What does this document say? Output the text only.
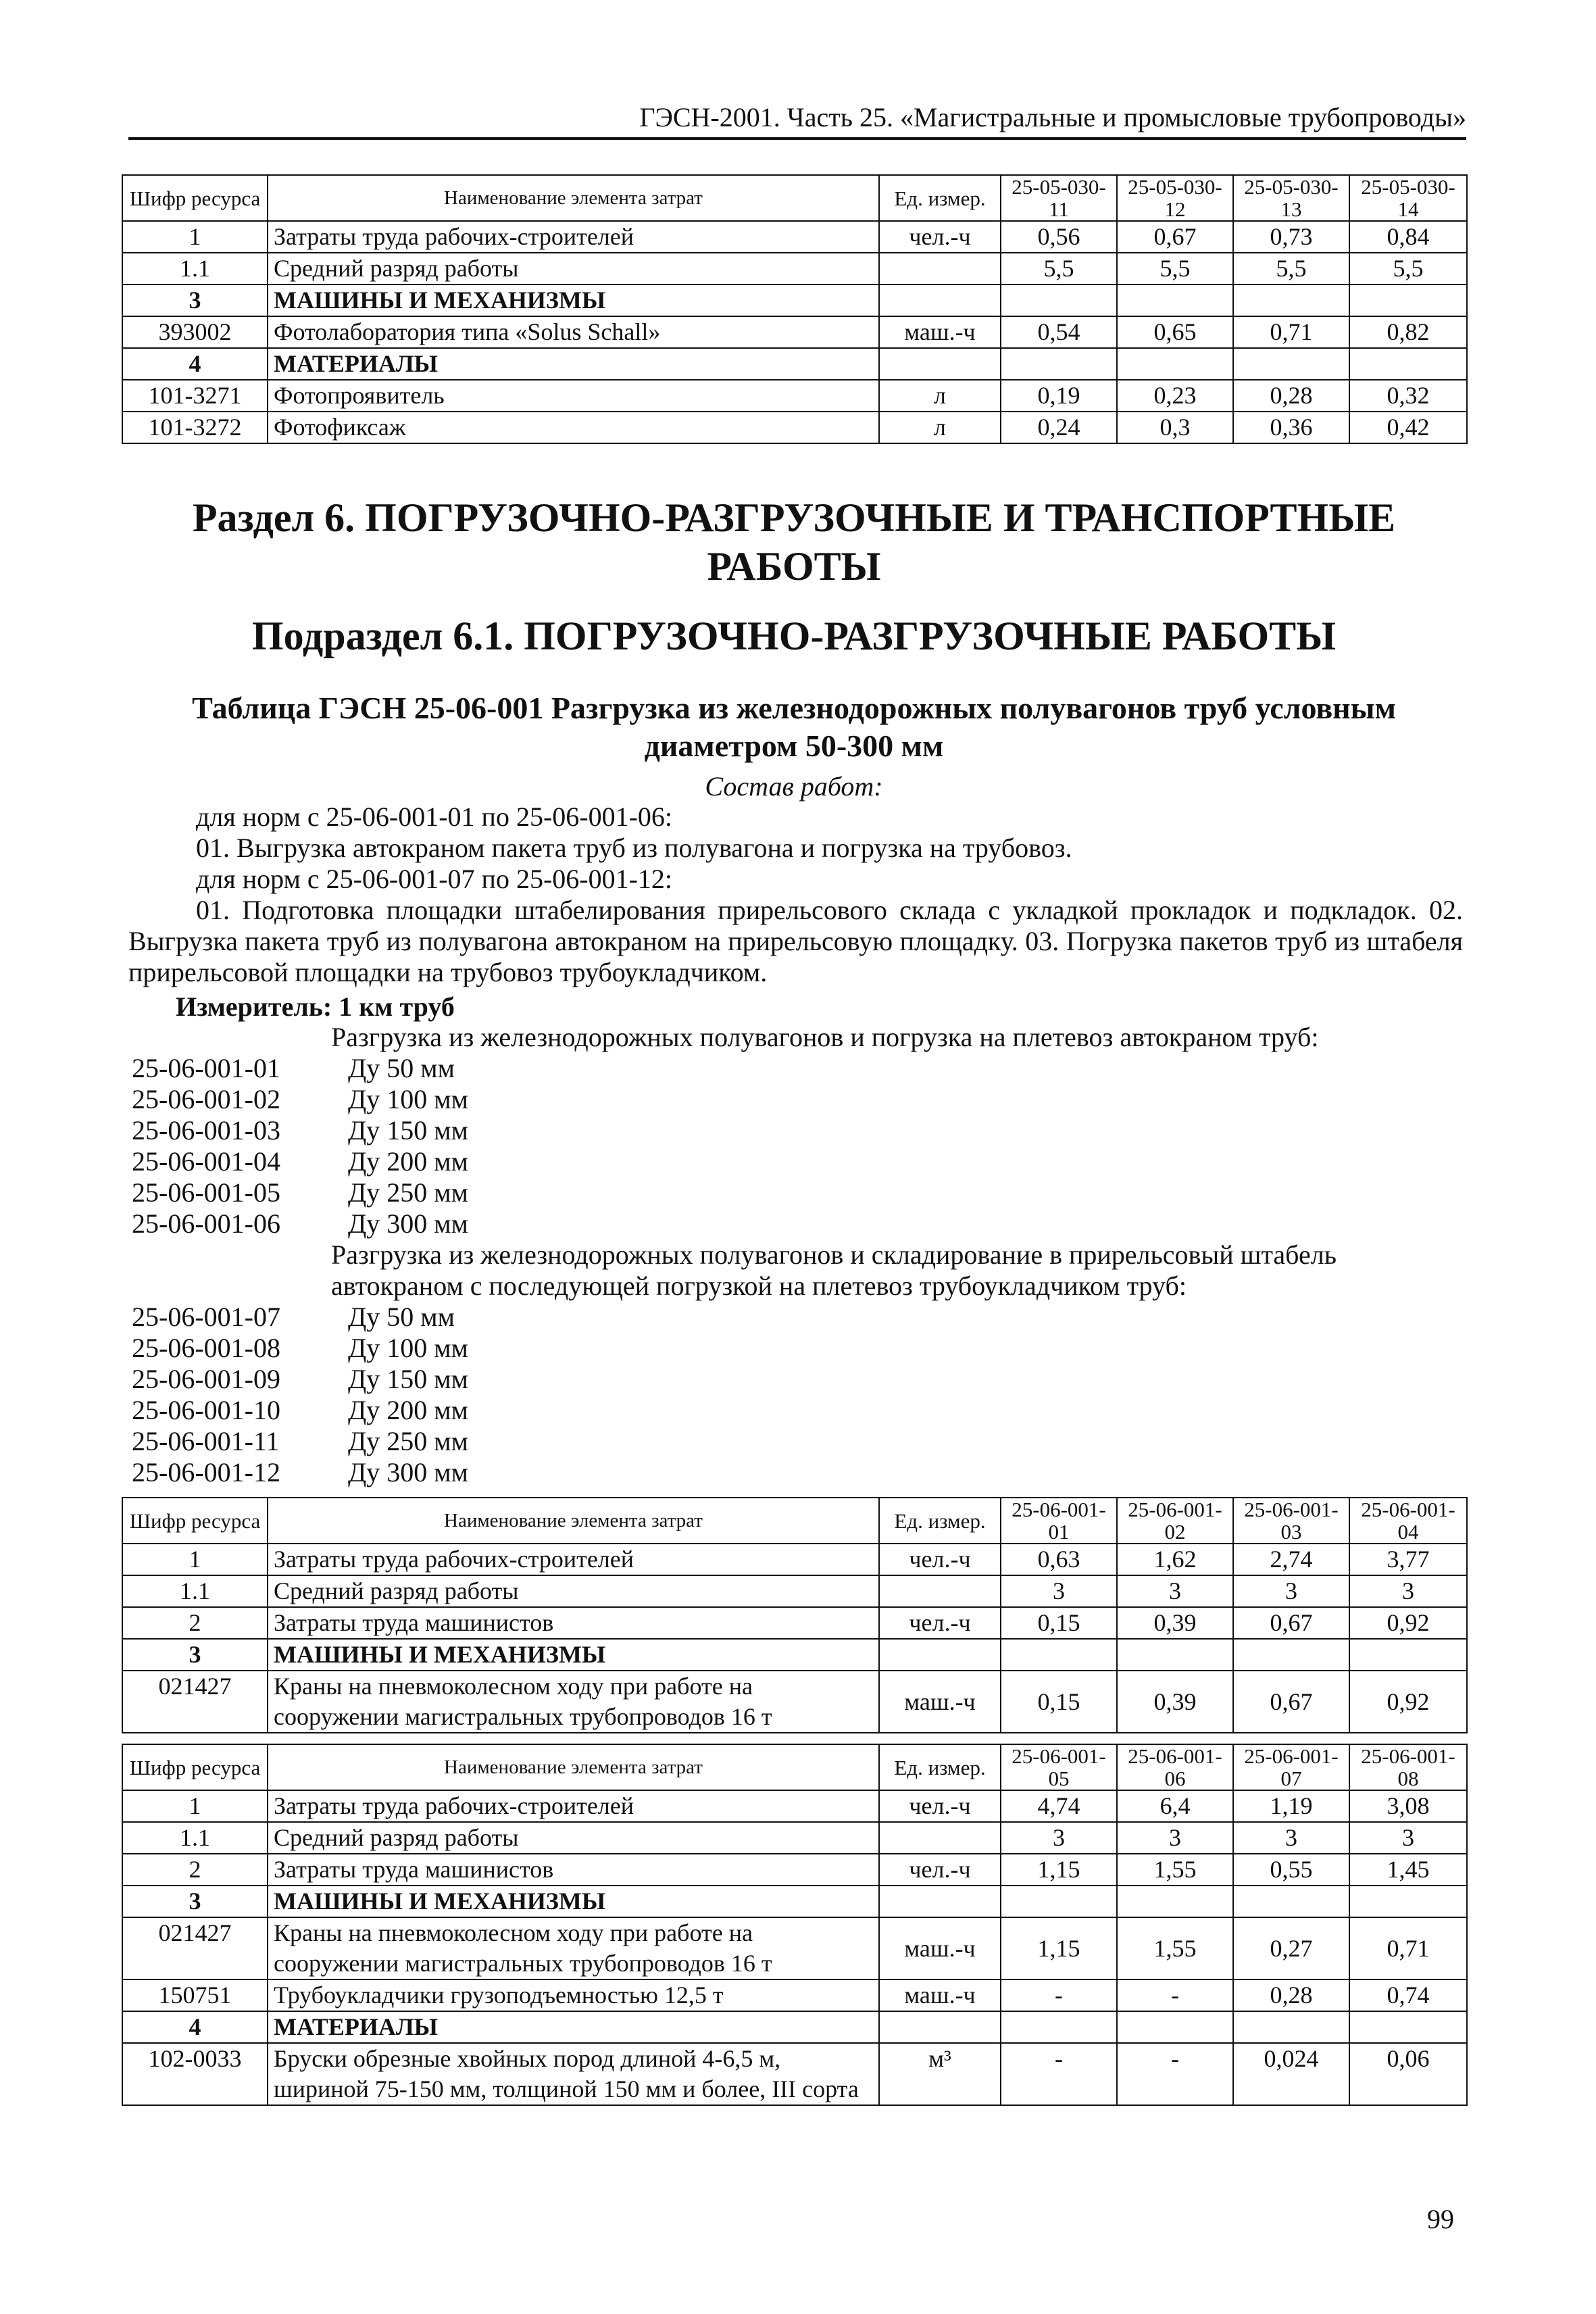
ГЭСН-2001. Часть 25. «Магистральные и промысловые трубопроводы»
Шифр ресурса	Наименование элемента затрат	Ед. измер.	25-05-030-11	25-05-030-12	25-05-030-13	25-05-030-14
1	Затраты труда рабочих-строителей	чел.-ч	0,56	0,67	0,73	0,84
1.1	Средний разряд работы		5,5	5,5	5,5	5,5
3	МАШИНЫ И МЕХАНИЗМЫ					
393002	Фотолаборатория типа «Solus Schall»	маш.-ч	0,54	0,65	0,71	0,82
4	МАТЕРИАЛЫ					
101-3271	Фотопроявитель	л	0,19	0,23	0,28	0,32
101-3272	Фотофиксаж	л	0,24	0,3	0,36	0,42
Раздел 6. ПОГРУЗОЧНО-РАЗГРУЗОЧНЫЕ И ТРАНСПОРТНЫЕ
РАБОТЫ
Подраздел 6.1. ПОГРУЗОЧНО-РАЗГРУЗОЧНЫЕ РАБОТЫ
Таблица ГЭСН 25-06-001 Разгрузка из железнодорожных полувагонов труб условным
диаметром 50-300 мм
Состав работ:
для норм с 25-06-001-01 по 25-06-001-06:
01. Выгрузка автокраном пакета труб из полувагона и погрузка на трубовоз.
для норм с 25-06-001-07 по 25-06-001-12:
01. Подготовка площадки штабелирования прирельсового склада с укладкой прокладок и подкладок. 02. Выгрузка пакета труб из полувагона автокраном на прирельсовую площадку. 03. Погрузка пакетов труб из штабеля прирельсовой площадки на трубовоз трубоукладчиком.
Измеритель: 1 км труб
Разгрузка из железнодорожных полувагонов и погрузка на плетевоз автокраном труб:
25-06-001-01	Ду 50 мм
25-06-001-02	Ду 100 мм
25-06-001-03	Ду 150 мм
25-06-001-04	Ду 200 мм
25-06-001-05	Ду 250 мм
25-06-001-06	Ду 300 мм
Разгрузка из железнодорожных полувагонов и складирование в прирельсовый штабель
автокраном с последующей погрузкой на плетевоз трубоукладчиком труб:
25-06-001-07	Ду 50 мм
25-06-001-08	Ду 100 мм
25-06-001-09	Ду 150 мм
25-06-001-10	Ду 200 мм
25-06-001-11	Ду 250 мм
25-06-001-12	Ду 300 мм
Шифр ресурса	Наименование элемента затрат	Ед. измер.	25-06-001-01	25-06-001-02	25-06-001-03	25-06-001-04
1	Затраты труда рабочих-строителей	чел.-ч	0,63	1,62	2,74	3,77
1.1	Средний разряд работы		3	3	3	3
2	Затраты труда машинистов	чел.-ч	0,15	0,39	0,67	0,92
3	МАШИНЫ И МЕХАНИЗМЫ					
021427	Краны на пневмоколесном ходу при работе на сооружении магистральных трубопроводов 16 т	маш.-ч	0,15	0,39	0,67	0,92
Шифр ресурса	Наименование элемента затрат	Ед. измер.	25-06-001-05	25-06-001-06	25-06-001-07	25-06-001-08
1	Затраты труда рабочих-строителей	чел.-ч	4,74	6,4	1,19	3,08
1.1	Средний разряд работы		3	3	3	3
2	Затраты труда машинистов	чел.-ч	1,15	1,55	0,55	1,45
3	МАШИНЫ И МЕХАНИЗМЫ					
021427	Краны на пневмоколесном ходу при работе на сооружении магистральных трубопроводов 16 т	маш.-ч	1,15	1,55	0,27	0,71
150751	Трубоукладчики грузоподъемностью 12,5 т	маш.-ч	-	-	0,28	0,74
4	МАТЕРИАЛЫ					
102-0033	Бруски обрезные хвойных пород длиной 4-6,5 м, шириной 75-150 мм, толщиной 150 мм и более, III сорта	м³	-	-	0,024	0,06
99
